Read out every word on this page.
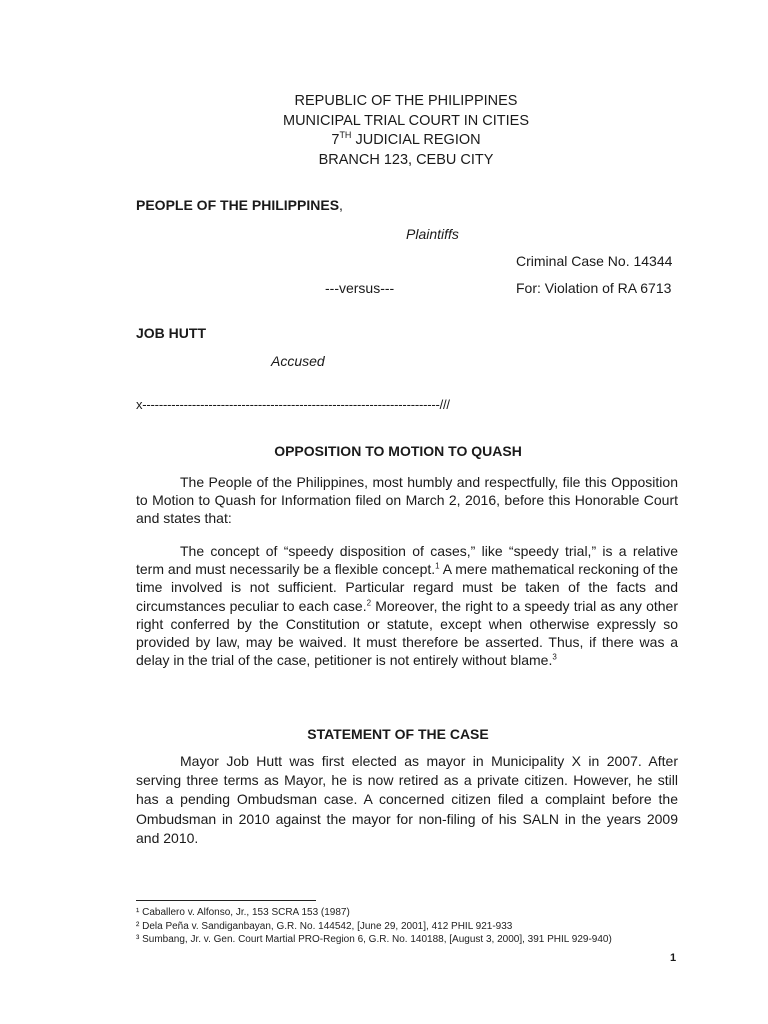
REPUBLIC OF THE PHILIPPINES
MUNICIPAL TRIAL COURT IN CITIES
7TH JUDICIAL REGION
BRANCH 123, CEBU CITY
PEOPLE OF THE PHILIPPINES,
Plaintiffs
Criminal Case No. 14344
---versus---	For: Violation of RA 6713
JOB HUTT
Accused
x------------------------------------------------------------------------///
OPPOSITION TO MOTION TO QUASH
The People of the Philippines, most humbly and respectfully, file this Opposition to Motion to Quash for Information filed on March 2, 2016, before this Honorable Court and states that:
The concept of “speedy disposition of cases,” like “speedy trial,” is a relative term and must necessarily be a flexible concept.$^1$ A mere mathematical reckoning of the time involved is not sufficient. Particular regard must be taken of the facts and circumstances peculiar to each case.$^2$ Moreover, the right to a speedy trial as any other right conferred by the Constitution or statute, except when otherwise expressly so provided by law, may be waived. It must therefore be asserted. Thus, if there was a delay in the trial of the case, petitioner is not entirely without blame.$^3$
STATEMENT OF THE CASE
Mayor Job Hutt was first elected as mayor in Municipality X in 2007. After serving three terms as Mayor, he is now retired as a private citizen. However, he still has a pending Ombudsman case. A concerned citizen filed a complaint before the Ombudsman in 2010 against the mayor for non-filing of his SALN in the years 2009 and 2010.
¹ Caballero v. Alfonso, Jr., 153 SCRA 153 (1987)
² Dela Peña v. Sandiganbayan, G.R. No. 144542, [June 29, 2001], 412 PHIL 921-933
³ Sumbang, Jr. v. Gen. Court Martial PRO-Region 6, G.R. No. 140188, [August 3, 2000], 391 PHIL 929-940)
1
